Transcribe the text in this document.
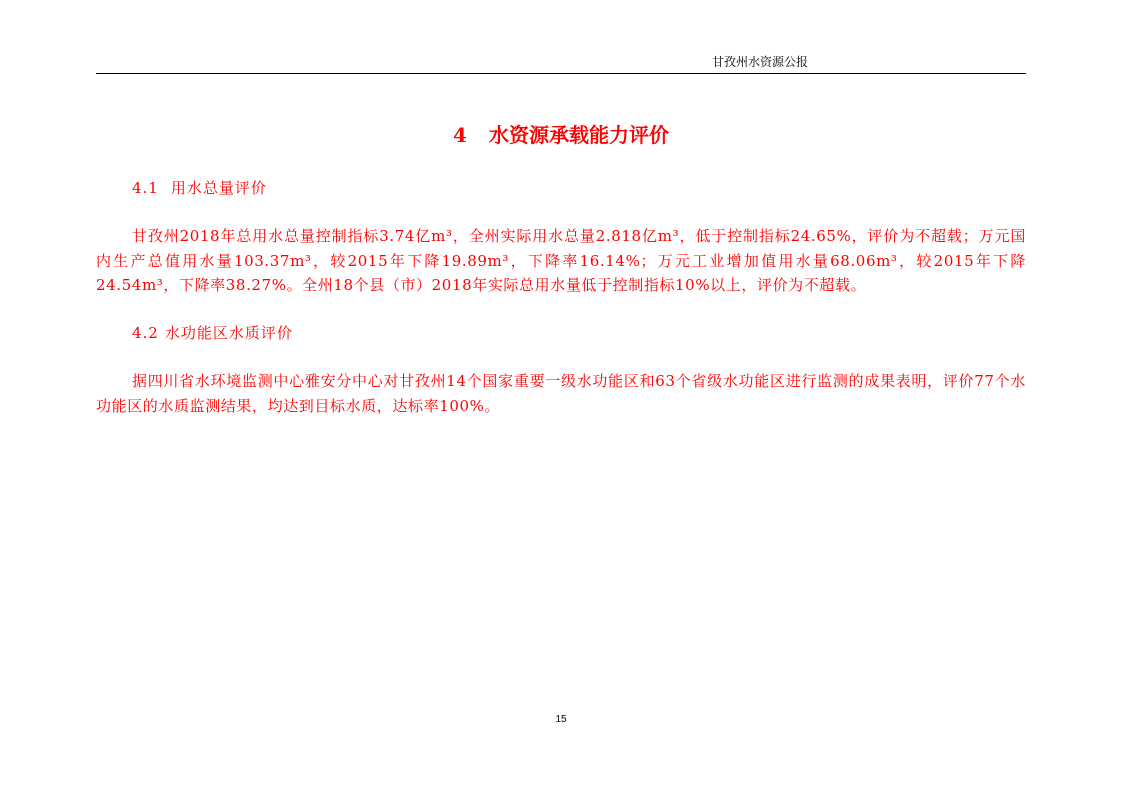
甘孜州水资源公报
4 水资源承载能力评价
4.1 用水总量评价

甘孜州2018年总用水总量控制指标3.74亿m³，全州实际用水总量2.818亿m³，低于控制指标24.65%，评价为不超载；万元国内生产总值用水量103.37m³，较2015年下降19.89m³，下降率16.14%；万元工业增加值用水量68.06m³，较2015年下降24.54m³，下降率38.27%。全州18个县（市）2018年实际总用水量低于控制指标10%以上，评价为不超载。

4.2 水功能区水质评价

据四川省水环境监测中心雅安分中心对甘孜州14个国家重要一级水功能区和63个省级水功能区进行监测的成果表明，评价77个水功能区的水质监测结果，均达到目标水质，达标率100%。

15
